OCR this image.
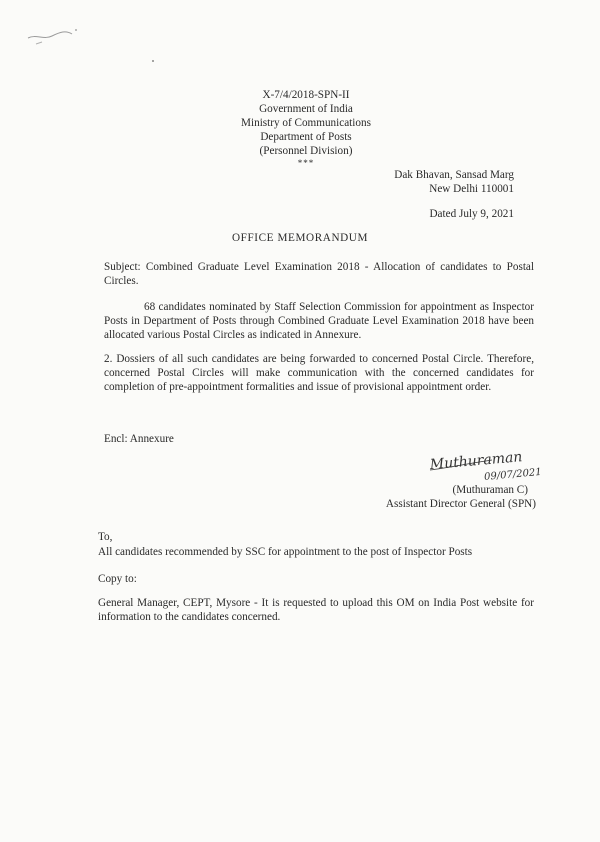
X-7/4/2018-SPN-II
Government of India
Ministry of Communications
Department of Posts
(Personnel Division)
***
Dak Bhavan, Sansad Marg
New Delhi 110001
Dated July 9, 2021
OFFICE MEMORANDUM
Subject: Combined Graduate Level Examination 2018 - Allocation of candidates to Postal Circles.
68 candidates nominated by Staff Selection Commission for appointment as Inspector Posts in Department of Posts through Combined Graduate Level Examination 2018 have been allocated various Postal Circles as indicated in Annexure.
2. Dossiers of all such candidates are being forwarded to concerned Postal Circle. Therefore, concerned Postal Circles will make communication with the concerned candidates for completion of pre-appointment formalities and issue of provisional appointment order.
Encl: Annexure
Muthuraman
09/07/2021
(Muthuraman C)
Assistant Director General (SPN)
To,
All candidates recommended by SSC for appointment to the post of Inspector Posts
Copy to:
General Manager, CEPT, Mysore - It is requested to upload this OM on India Post website for information to the candidates concerned.
